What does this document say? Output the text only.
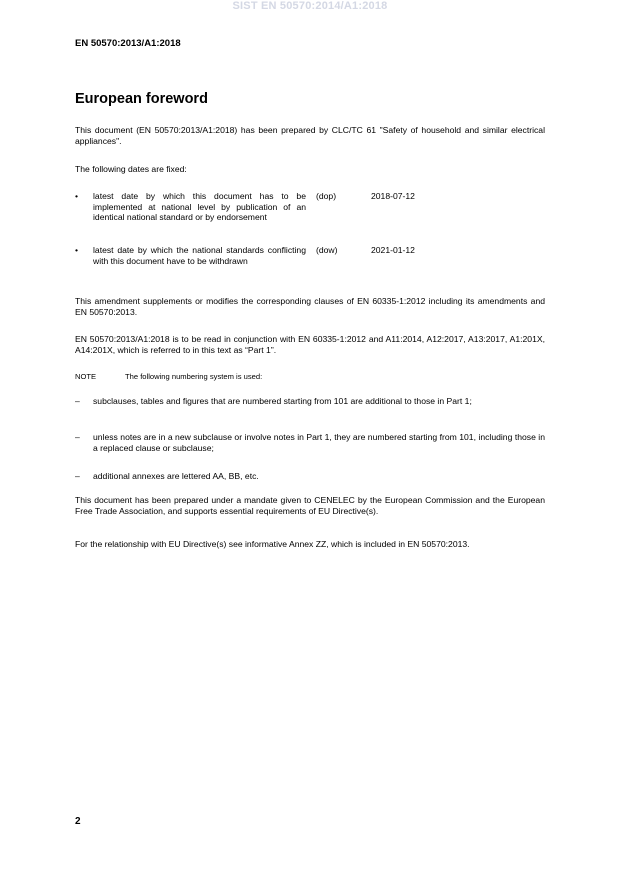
SIST EN 50570:2014/A1:2018
EN 50570:2013/A1:2018
European foreword
This document (EN 50570:2013/A1:2018) has been prepared by CLC/TC 61 "Safety of household and similar electrical appliances".
The following dates are fixed:
• latest date by which this document has to be implemented at national level by publication of an identical national standard or by endorsement
(dop)	2018-07-12
• latest date by which the national standards conflicting with this document have to be withdrawn
(dow)	2021-01-12
This amendment supplements or modifies the corresponding clauses of EN 60335-1:2012 including its amendments and EN 50570:2013.
EN 50570:2013/A1:2018 is to be read in conjunction with EN 60335-1:2012 and A11:2014, A12:2017, A13:2017, A1:201X, A14:201X, which is referred to in this text as “Part 1”.
NOTE	The following numbering system is used:
– subclauses, tables and figures that are numbered starting from 101 are additional to those in Part 1;
– unless notes are in a new subclause or involve notes in Part 1, they are numbered starting from 101, including those in a replaced clause or subclause;
– additional annexes are lettered AA, BB, etc.
This document has been prepared under a mandate given to CENELEC by the European Commission and the European Free Trade Association, and supports essential requirements of EU Directive(s).
For the relationship with EU Directive(s) see informative Annex ZZ, which is included in EN 50570:2013.
2
